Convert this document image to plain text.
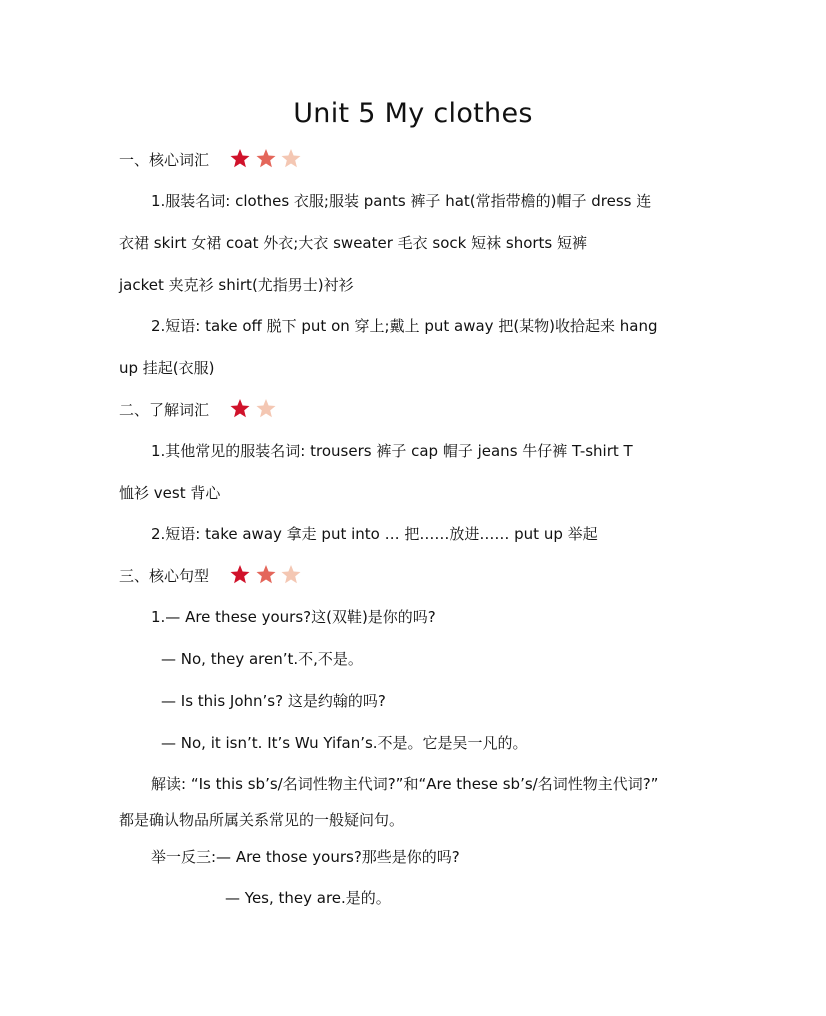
Unit 5 My clothes
一、核心词汇
1.服装名词: clothes 衣服;服装 pants 裤子 hat(常指带檐的)帽子 dress 连
衣裙 skirt 女裙 coat 外衣;大衣 sweater 毛衣 sock 短袜 shorts 短裤
jacket 夹克衫 shirt(尤指男士)衬衫
2.短语: take off 脱下 put on 穿上;戴上 put away 把(某物)收拾起来 hang
up 挂起(衣服)
二、了解词汇
1.其他常见的服装名词: trousers 裤子 cap 帽子 jeans 牛仔裤 T-shirt T
恤衫 vest 背心
2.短语: take away 拿走 put into … 把……放进…… put up 举起
三、核心句型
1.— Are these yours?这(双鞋)是你的吗?
— No, they aren’t.不,不是。
— Is this John’s? 这是约翰的吗?
— No, it isn’t. It’s Wu Yifan’s.不是。它是吴一凡的。
解读: “Is this sb’s/名词性物主代词?”和“Are these sb’s/名词性物主代词?”
都是确认物品所属关系常见的一般疑问句。
举一反三:— Are those yours?那些是你的吗?
— Yes, they are.是的。
